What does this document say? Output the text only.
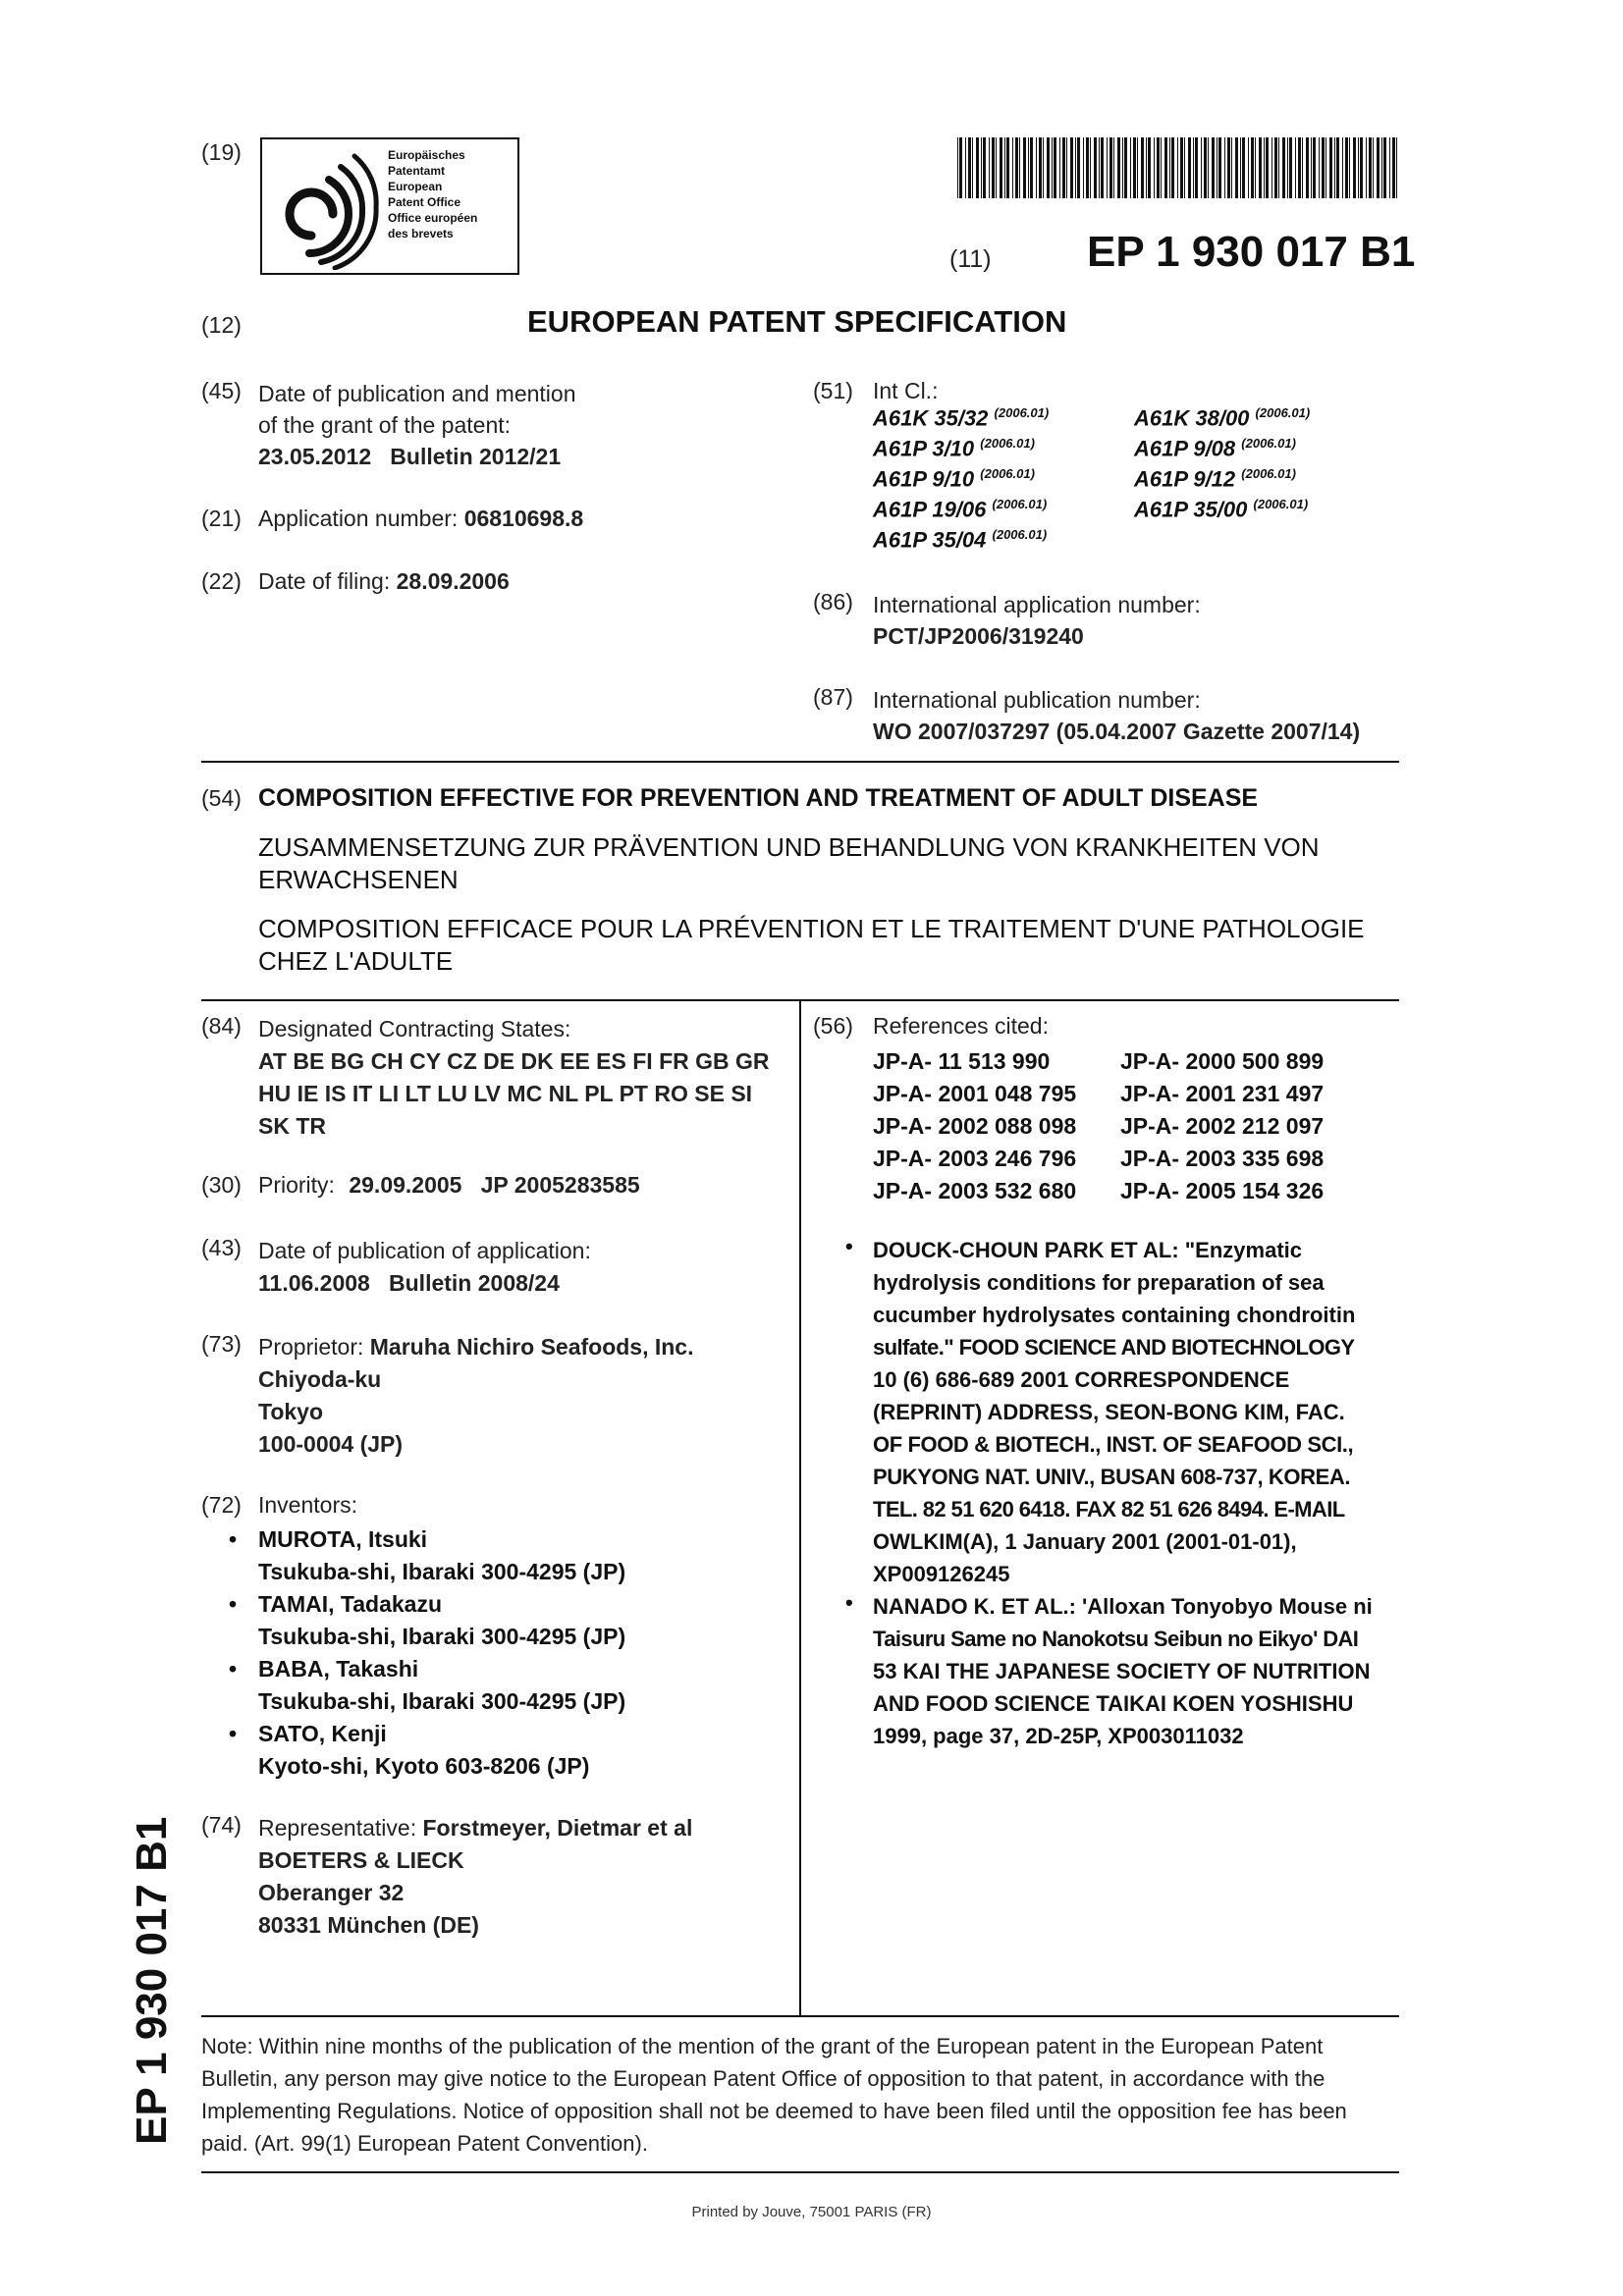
(19)	Europäisches
Patentamt
European
Patent Office
Office européen
des brevets
(11) EP 1 930 017 B1
(12)	EUROPEAN PATENT SPECIFICATION
(45) Date of publication and mention
of the grant of the patent:
23.05.2012   Bulletin 2012/21
(21) Application number: 06810698.8
(22) Date of filing: 28.09.2006
(51) Int Cl.:
A61K 35/32 $^{(2006.01)}$
A61P 3/10 $^{(2006.01)}$
A61P 9/10 $^{(2006.01)}$
A61P 19/06 $^{(2006.01)}$
A61P 35/04 $^{(2006.01)}$
A61K 38/00 $^{(2006.01)}$
A61P 9/08 $^{(2006.01)}$
A61P 9/12 $^{(2006.01)}$
A61P 35/00 $^{(2006.01)}$
(86) International application number:
PCT/JP2006/319240
(87) International publication number:
WO 2007/037297 (05.04.2007 Gazette 2007/14)
(54) COMPOSITION EFFECTIVE FOR PREVENTION AND TREATMENT OF ADULT DISEASE
ZUSAMMENSETZUNG ZUR PRÄVENTION UND BEHANDLUNG VON KRANKHEITEN VON
ERWACHSENEN
COMPOSITION EFFICACE POUR LA PRÉVENTION ET LE TRAITEMENT D'UNE PATHOLOGIE
CHEZ L'ADULTE
(84) Designated Contracting States:
AT BE BG CH CY CZ DE DK EE ES FI FR GB GR
HU IE IS IT LI LT LU LV MC NL PL PT RO SE SI
SK TR
(30) Priority: 29.09.2005   JP 2005283585
(43) Date of publication of application:
11.06.2008   Bulletin 2008/24
(73) Proprietor: Maruha Nichiro Seafoods, Inc.
Chiyoda-ku
Tokyo
100-0004 (JP)
(72) Inventors:
• MUROTA, Itsuki
Tsukuba-shi, Ibaraki 300-4295 (JP)
• TAMAI, Tadakazu
Tsukuba-shi, Ibaraki 300-4295 (JP)
• BABA, Takashi
Tsukuba-shi, Ibaraki 300-4295 (JP)
• SATO, Kenji
Kyoto-shi, Kyoto 603-8206 (JP)
(74) Representative: Forstmeyer, Dietmar et al
BOETERS & LIECK
Oberanger 32
80331 München (DE)
(56) References cited:
JP-A- 11 513 990	JP-A- 2000 500 899
JP-A- 2001 048 795 JP-A- 2001 231 497
JP-A- 2002 088 098 JP-A- 2002 212 097
JP-A- 2003 246 796 JP-A- 2003 335 698
JP-A- 2003 532 680 JP-A- 2005 154 326
• DOUCK-CHOUN PARK ET AL: "Enzymatic
hydrolysis conditions for preparation of sea
cucumber hydrolysates containing chondroitin
sulfate." FOOD SCIENCE AND BIOTECHNOLOGY
10 (6) 686-689 2001 CORRESPONDENCE
(REPRINT) ADDRESS, SEON-BONG KIM, FAC.
OF FOOD & BIOTECH., INST. OF SEAFOOD SCI.,
PUKYONG NAT. UNIV., BUSAN 608-737, KOREA.
TEL. 82 51 620 6418. FAX 82 51 626 8494. E-MAIL
OWLKIM(A), 1 January 2001 (2001-01-01),
XP009126245
• NANADO K. ET AL.: 'Alloxan Tonyobyo Mouse ni
Taisuru Same no Nanokotsu Seibun no Eikyo' DAI
53 KAI THE JAPANESE SOCIETY OF NUTRITION
AND FOOD SCIENCE TAIKAI KOEN YOSHISHU
1999, page 37, 2D-25P, XP003011032
Note: Within nine months of the publication of the mention of the grant of the European patent in the European Patent
Bulletin, any person may give notice to the European Patent Office of opposition to that patent, in accordance with the
Implementing Regulations. Notice of opposition shall not be deemed to have been filed until the opposition fee has been
paid. (Art. 99(1) European Patent Convention).
EP 1 930 017 B1
Printed by Jouve, 75001 PARIS (FR)
